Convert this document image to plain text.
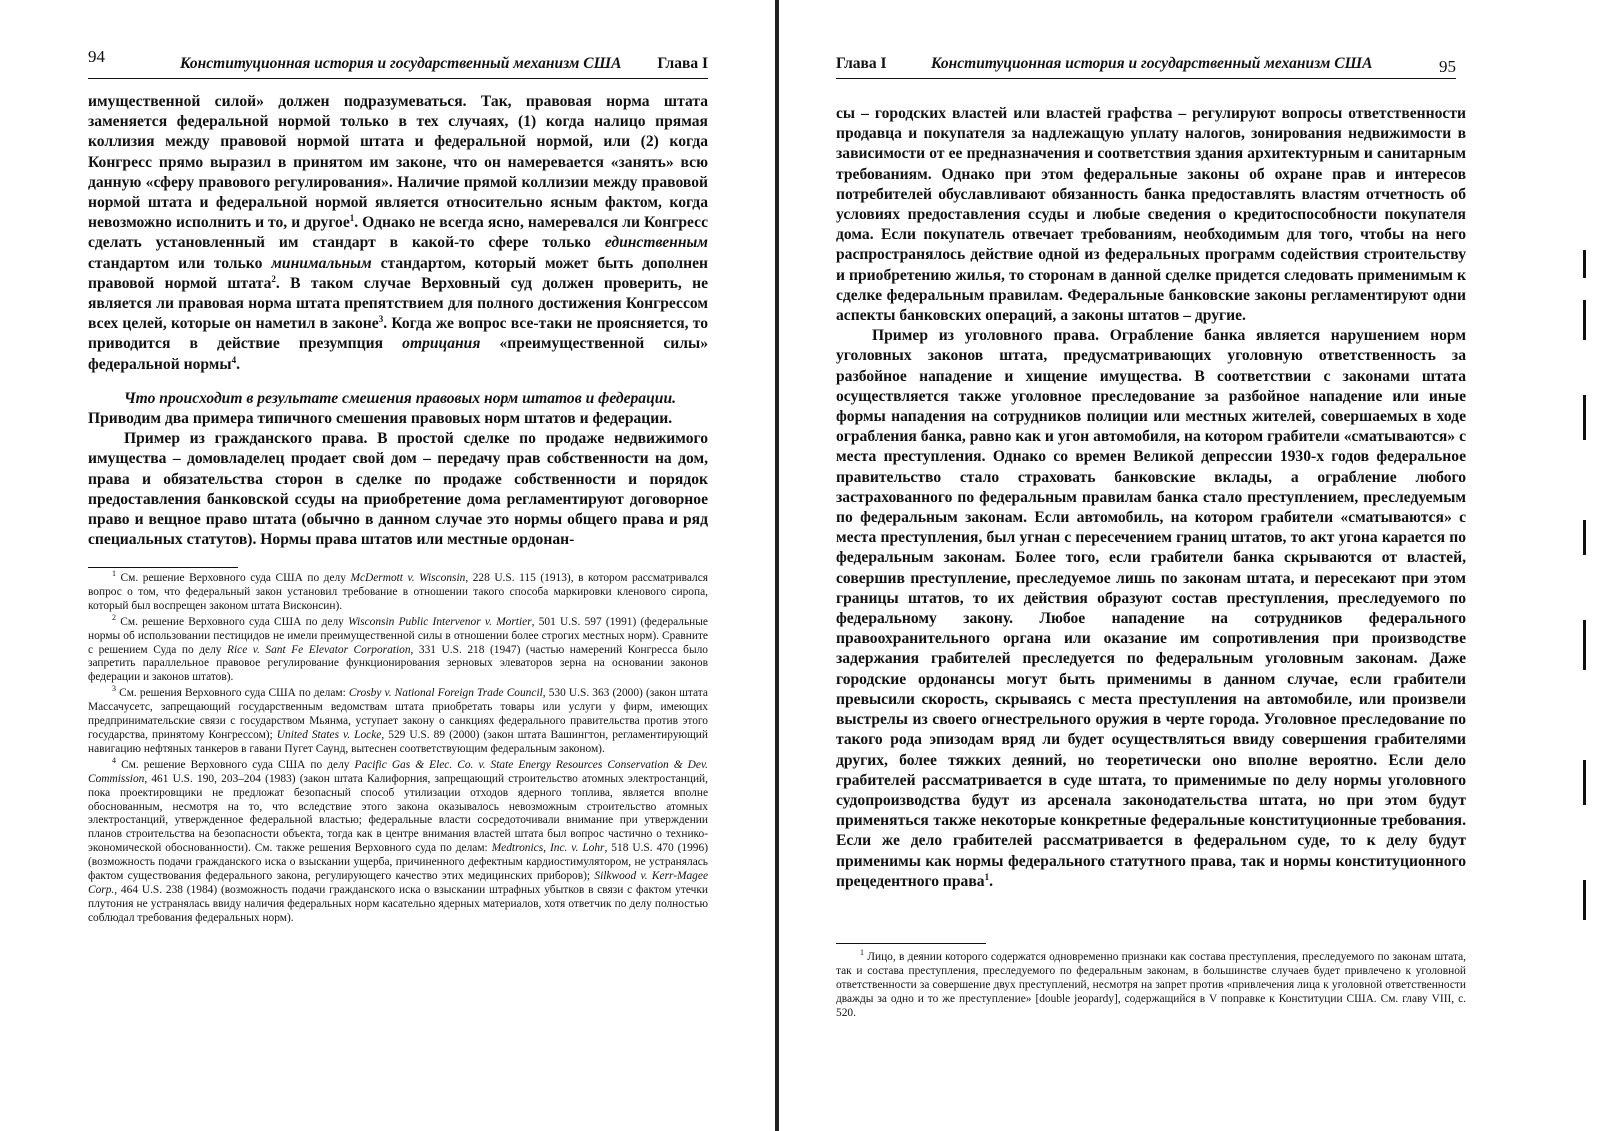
94	Конституционная история и государственный механизм США Глава I

имущественной силой» должен подразумеваться. Так, правовая норма штата заменяется федеральной нормой только в тех случаях, (1) когда налицо прямая коллизия между правовой нормой штата и федеральной нормой, или (2) когда Конгресс прямо выразил в принятом им законе, что он намеревается «занять» всю данную «сферу правового регулирования». Наличие прямой коллизии между правовой нормой штата и федеральной нормой является относительно ясным фактом, когда невозможно исполнить и то, и другое$^1$. Однако не всегда ясно, намеревался ли Конгресс сделать установленный им стандарт в какой-то сфере только единственным стандартом или только минимальным стандартом, который может быть дополнен правовой нормой штата$^2$. В таком случае Верховный суд должен проверить, не является ли правовая норма штата препятствием для полного достижения Конгрессом всех целей, которые он наметил в законе$^3$. Когда же вопрос все-таки не проясняется, то приводится в действие презумпция отрицания «преимущественной силы» федеральной нормы$^4$.

Что происходит в результате смешения правовых норм штатов и федерации.

Приводим два примера типичного смешения правовых норм штатов и федерации.

Пример из гражданского права. В простой сделке по продаже недвижимого имущества – домовладелец продает свой дом – передачу прав собственности на дом, права и обязательства сторон в сделке по продаже собственности и порядок предоставления банковской ссуды на приобретение дома регламентируют договорное право и вещное право штата (обычно в данном случае это нормы общего права и ряд специальных статутов). Нормы права штатов или местные ордонан-

$^1$ См. решение Верховного суда США по делу McDermott v. Wisconsin, 228 U.S. 115 (1913), в котором рассматривался вопрос о том, что федеральный закон установил требование в отношении такого способа маркировки кленового сиропа, который был воспрещен законом штата Висконсин).

$^2$ См. решение Верховного суда США по делу Wisconsin Public Intervenor v. Mortier, 501 U.S. 597 (1991) (федеральные нормы об использовании пестицидов не имели преимущественной силы в отношении более строгих местных норм). Сравните с решением Суда по делу Rice v. Sant Fe Elevator Corporation, 331 U.S. 218 (1947) (частью намерений Конгресса было запретить параллельное правовое регулирование функционирования зерновых элеваторов зерна на основании законов федерации и законов штатов).

$^3$ См. решения Верховного суда США по делам: Crosby v. National Foreign Trade Council, 530 U.S. 363 (2000) (закон штата Массачусетс, запрещающий государственным ведомствам штата приобретать товары или услуги у фирм, имеющих предпринимательские связи с государством Мьянма, уступает закону о санкциях федерального правительства против этого государства, принятому Конгрессом); United States v. Locke, 529 U.S. 89 (2000) (закон штата Вашингтон, регламентирующий навигацию нефтяных танкеров в гавани Пугет Саунд, вытеснен соответствующим федеральным законом).

$^4$ См. решение Верховного суда США по делу Pacific Gas & Elec. Co. v. State Energy Resources Conservation & Dev. Commission, 461 U.S. 190, 203–204 (1983) (закон штата Калифорния, запрещающий строительство атомных электростанций, пока проектировщики не предложат безопасный способ утилизации отходов ядерного топлива, является вполне обоснованным, несмотря на то, что вследствие этого закона оказывалось невозможным строительство атомных электростанций, утвержденное федеральной властью; федеральные власти сосредоточивали внимание при утверждении планов строительства на безопасности объекта, тогда как в центре внимания властей штата был вопрос частично о технико-экономической обоснованности). См. также решения Верховного суда по делам: Medtronics, Inc. v. Lohr, 518 U.S. 470 (1996) (возможность подачи гражданского иска о взыскании ущерба, причиненного дефектным кардиостимулятором, не устранялась фактом существования федерального закона, регулирующего качество этих медицинских приборов); Silkwood v. Kerr-Magee Corp., 464 U.S. 238 (1984) (возможность подачи гражданского иска о взыскании штрафных убытков в связи с фактом утечки плутония не устранялась ввиду наличия федеральных норм касательно ядерных материалов, хотя ответчик по делу полностью соблюдал требования федеральных норм).

Глава I	Конституционная история и государственный механизм США	95

сы – городских властей или властей графства – регулируют вопросы ответственности продавца и покупателя за надлежащую уплату налогов, зонирования недвижимости в зависимости от ее предназначения и соответствия здания архитектурным и санитарным требованиям. Однако при этом федеральные законы об охране прав и интересов потребителей обуславливают обязанность банка предоставлять властям отчетность об условиях предоставления ссуды и любые сведения о кредитоспособности покупателя дома. Если покупатель отвечает требованиям, необходимым для того, чтобы на него распространялось действие одной из федеральных программ содействия строительству и приобретению жилья, то сторонам в данной сделке придется следовать применимым к сделке федеральным правилам. Федеральные банковские законы регламентируют одни аспекты банковских операций, а законы штатов – другие.

Пример из уголовного права. Ограбление банка является нарушением норм уголовных законов штата, предусматривающих уголовную ответственность за разбойное нападение и хищение имущества. В соответствии с законами штата осуществляется также уголовное преследование за разбойное нападение или иные формы нападения на сотрудников полиции или местных жителей, совершаемых в ходе ограбления банка, равно как и угон автомобиля, на котором грабители «сматываются» с места преступления. Однако со времен Великой депрессии 1930-х годов федеральное правительство стало страховать банковские вклады, а ограбление любого застрахованного по федеральным правилам банка стало преступлением, преследуемым по федеральным законам. Если автомобиль, на котором грабители «сматываются» с места преступления, был угнан с пересечением границ штатов, то акт угона карается по федеральным законам. Более того, если грабители банка скрываются от властей, совершив преступление, преследуемое лишь по законам штата, и пересекают при этом границы штатов, то их действия образуют состав преступления, преследуемого по федеральному закону. Любое нападение на сотрудников федерального правоохранительного органа или оказание им сопротивления при производстве задержания грабителей преследуется по федеральным уголовным законам. Даже городские ордонансы могут быть применимы в данном случае, если грабители превысили скорость, скрываясь с места преступления на автомобиле, или произвели выстрелы из своего огнестрельного оружия в черте города. Уголовное преследование по такого рода эпизодам вряд ли будет осуществляться ввиду совершения грабителями других, более тяжких деяний, но теоретически оно вполне вероятно. Если дело грабителей рассматривается в суде штата, то применимые по делу нормы уголовного судопроизводства будут из арсенала законодательства штата, но при этом будут применяться также некоторые конкретные федеральные конституционные требования. Если же дело грабителей рассматривается в федеральном суде, то к делу будут применимы как нормы федерального статутного права, так и нормы конституционного прецедентного права$^1$.

$^1$ Лицо, в деянии которого содержатся одновременно признаки как состава преступления, преследуемого по законам штата, так и состава преступления, преследуемого по федеральным законам, в большинстве случаев будет привлечено к уголовной ответственности за совершение двух преступлений, несмотря на запрет против «привлечения лица к уголовной ответственности дважды за одно и то же преступление» [double jeopardy], содержащийся в V поправке к Конституции США. См. главу VIII, с. 520.
